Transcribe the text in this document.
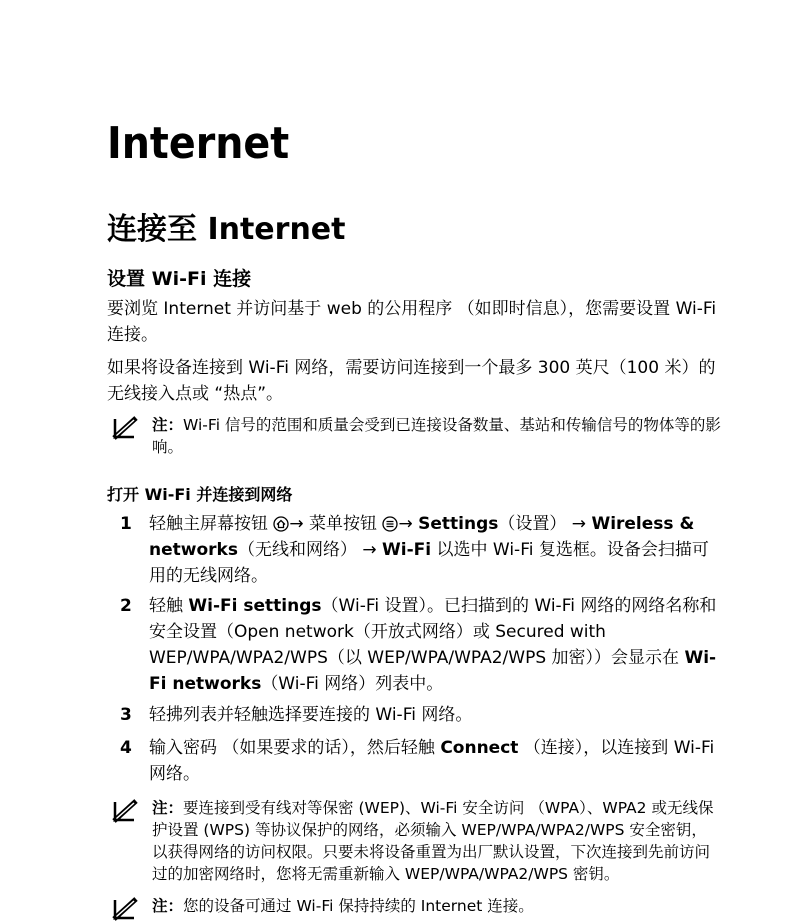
Internet
连接至 Internet
设置 Wi-Fi 连接

要浏览 Internet 并访问基于 web 的公用程序 （如即时信息），您需要设置 Wi-Fi 连接。

如果将设备连接到 Wi-Fi 网络，需要访问连接到一个最多 300 英尺（100 米）的无线接入点或 “热点”。

注：Wi-Fi 信号的范围和质量会受到已连接设备数量、基站和传输信号的物体等的影响。
打开 Wi-Fi 并连接到网络
1 轻触主屏幕按钮 → 菜单按钮 → Settings（设置） → Wireless & networks（无线和网络） → Wi-Fi 以选中 Wi-Fi 复选框。设备会扫描可用的无线网络。
2 轻触 Wi-Fi settings（Wi-Fi 设置）。已扫描到的 Wi-Fi 网络的网络名称和安全设置（Open network（开放式网络）或 Secured with WEP/WPA/WPA2/WPS（以 WEP/WPA/WPA2/WPS 加密））会显示在 Wi-Fi networks（Wi-Fi 网络）列表中。
3 轻拂列表并轻触选择要连接的 Wi-Fi 网络。
4 输入密码 （如果要求的话），然后轻触 Connect （连接），以连接到 Wi-Fi 网络。
注：要连接到受有线对等保密 (WEP)、Wi-Fi 安全访问 （WPA）、WPA2 或无线保护设置 (WPS) 等协议保护的网络，必须输入 WEP/WPA/WPA2/WPS 安全密钥，以获得网络的访问权限。只要未将设备重置为出厂默认设置，下次连接到先前访问过的加密网络时，您将无需重新输入 WEP/WPA/WPA2/WPS 密钥。
注：您的设备可通过 Wi-Fi 保持持续的 Internet 连接。
